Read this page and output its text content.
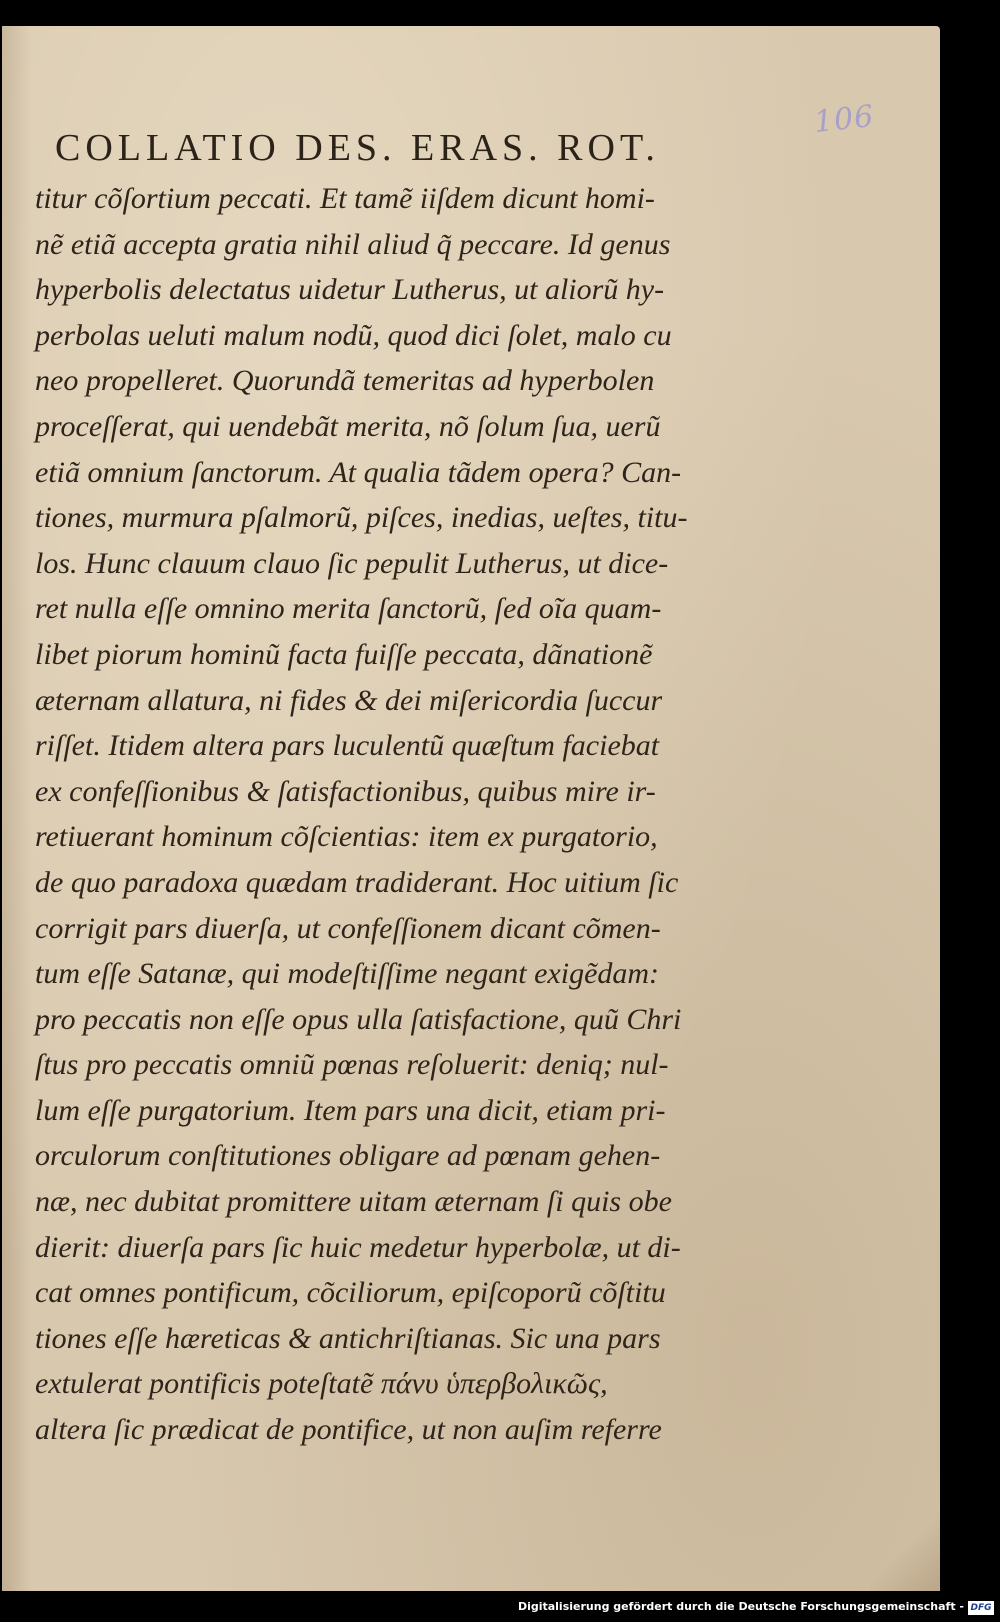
106
COLLATIO DES. ERAS. ROT.
titur cõſortium peccati. Et tamẽ iiſdem dicunt homi-
nẽ etiã accepta gratia nihil aliud q̃ peccare. Id genus
hyperbolis delectatus uidetur Lutherus, ut aliorũ hy-
perbolas ueluti malum nodũ, quod dici ſolet, malo cu
neo propelleret. Quorundã temeritas ad hyperbolen
proceſſerat, qui uendebãt merita, nõ ſolum ſua, uerũ
etiã omnium ſanctorum. At qualia tãdem opera? Can-
tiones, murmura pſalmorũ, piſces, inedias, ueſtes, titu-
los. Hunc clauum clauo ſic pepulit Lutherus, ut dice-
ret nulla eſſe omnino merita ſanctorũ, ſed oĩa quam-
libet piorum hominũ facta fuiſſe peccata, dãnationẽ
æternam allatura, ni fides & dei miſericordia ſuccur
riſſet. Itidem altera pars luculentũ quæſtum faciebat
ex confeſſionibus & ſatisfactionibus, quibus mire ir-
retiuerant hominum cõſcientias: item ex purgatorio,
de quo paradoxa quædam tradiderant. Hoc uitium ſic
corrigit pars diuerſa, ut confeſſionem dicant cõmen-
tum eſſe Satanæ, qui modeſtiſſime negant exigẽdam:
pro peccatis non eſſe opus ulla ſatisfactione, quũ Chri
ſtus pro peccatis omniũ pœnas reſoluerit: deniq; nul-
lum eſſe purgatorium. Item pars una dicit, etiam pri-
orculorum conſtitutiones obligare ad pœnam gehen-
næ, nec dubitat promittere uitam æternam ſi quis obe
dierit: diuerſa pars ſic huic medetur hyperbolæ, ut di-
cat omnes pontificum, cõciliorum, epiſcoporũ cõſtitu
tiones eſſe hæreticas & antichriſtianas. Sic una pars
extulerat pontificis poteſtatẽ πάνυ ὑπερβολικῶς,
altera ſic prædicat de pontifice, ut non auſim referre
Digitalisierung gefördert durch die Deutsche Forschungsgemeinschaft - DFG
